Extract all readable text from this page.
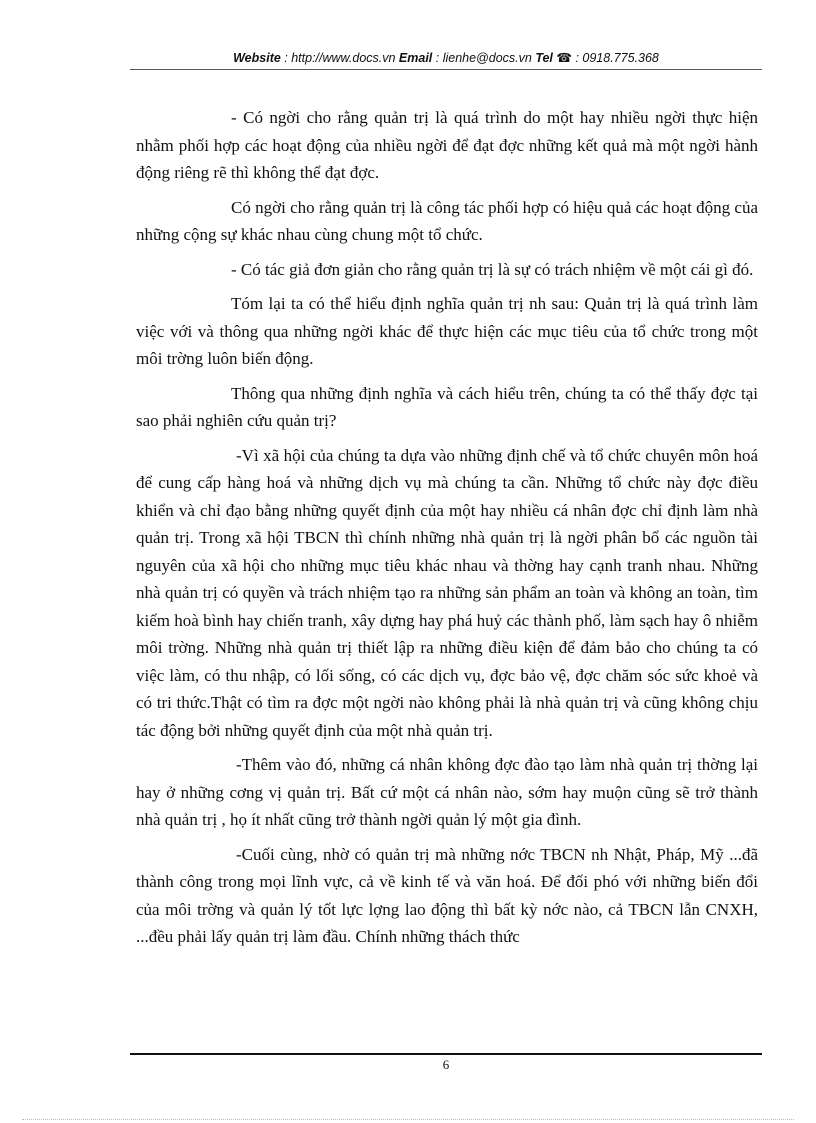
Website : http://www.docs.vn Email : lienhe@docs.vn Tel ☎ : 0918.775.368

- Có ngời cho rằng quản trị là quá trình do một hay nhiều ngời thực hiện nhằm phối hợp các hoạt động của nhiều ngời để đạt đợc những kết quả mà một ngời hành động riêng rẽ thì không thể đạt đợc.

Có ngời cho rằng quản trị là công tác phối hợp có hiệu quả các hoạt động của những cộng sự khác nhau cùng chung một tổ chức.

- Có tác giả đơn giản cho rằng quản trị là sự có trách nhiệm về một cái gì đó.

Tóm lại ta có thể hiểu định nghĩa quản trị nh sau: Quản trị là quá trình làm việc với và thông qua những ngời khác để thực hiện các mục tiêu của tổ chức trong một môi trờng luôn biến động.

Thông qua những định nghĩa và cách hiểu trên, chúng ta có thể thấy đợc tại sao phải nghiên cứu quản trị?

-Vì xã hội của chúng ta dựa vào những định chế và tổ chức chuyên môn hoá để cung cấp hàng hoá và những dịch vụ mà chúng ta cần. Những tổ chức này đợc điều khiển và chỉ đạo bằng những quyết định của một hay nhiều cá nhân đợc chỉ định làm nhà quản trị. Trong xã hội TBCN thì chính những nhà quản trị là ngời phân bổ các nguồn tài nguyên của xã hội cho những mục tiêu khác nhau và thờng hay cạnh tranh nhau. Những nhà quản trị có quyền và trách nhiệm tạo ra những sản phẩm an toàn và không an toàn, tìm kiếm hoà bình hay chiến tranh, xây dựng hay phá huỷ các thành phố, làm sạch hay ô nhiễm môi trờng. Những nhà quản trị thiết lập ra những điều kiện để đảm bảo cho chúng ta có việc làm, có thu nhập, có lối sống, có các dịch vụ, đợc bảo vệ, đợc chăm sóc sức khoẻ và có tri thức.Thật có tìm ra đợc một ngời nào không phải là nhà quản trị và cũng không chịu tác động bởi những quyết định của một nhà quản trị.

-Thêm vào đó, những cá nhân không đợc đào tạo làm nhà quản trị thờng lại hay ở những cơng vị quản trị. Bất cứ một cá nhân nào, sớm hay muộn cũng sẽ trở thành nhà quản trị , họ ít nhất cũng trở thành ngời quản lý một gia đình.

-Cuối cùng, nhờ có quản trị mà những nớc TBCN nh Nhật, Pháp, Mỹ ...đã thành công trong mọi lĩnh vực, cả về kinh tế và văn hoá. Để đối phó với những biến đổi của môi trờng và quản lý tốt lực lợng lao động thì bất kỳ nớc nào, cả TBCN lẫn CNXH, ...đều phải lấy quản trị làm đầu. Chính những thách thức

6
